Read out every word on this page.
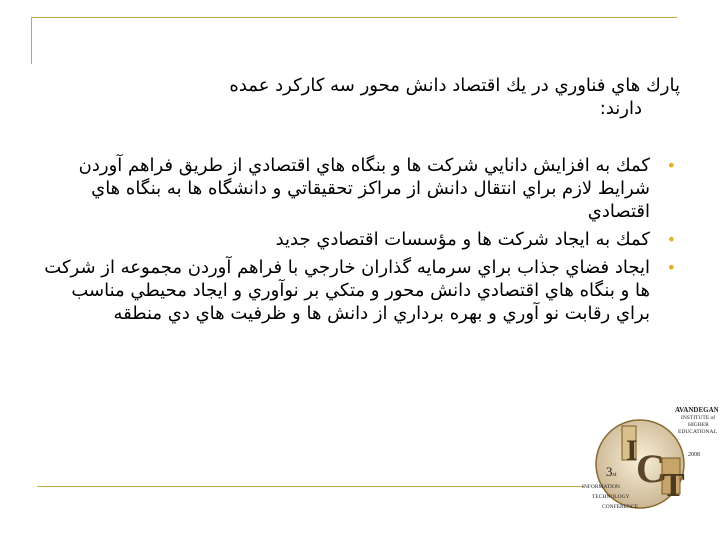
پارك هاي فناوري در يك اقتصاد دانش محور سه كاركرد عمده
دارند:

•
كمك به افزايش دانايي شركت ها و بنگاه هاي اقتصادي از طريق فراهم آوردن شرايط لازم براي انتقال دانش از مراكز تحقيقاتي و دانشگاه ها به بنگاه هاي اقتصادي
•
كمك به ايجاد شركت ها و مؤسسات اقتصادي جديد
•
ايجاد فضاي جذاب براي سرمايه گذاران خارجي با فراهم آوردن مجموعه از شركت ها و بنگاه هاي اقتصادي دانش محور و متكي بر نوآوري و ايجاد محيطي مناسب براي رقابت نو آوري و بهره برداري از دانش ها و ظرفيت هاي دي منطقه
I
C
T
AVANDEGAN
INSTITUTE of
HIGHER
EDUCATIONAL
2008
3st
INFORMATION
TECHNOLOGY
CONFERENCE
